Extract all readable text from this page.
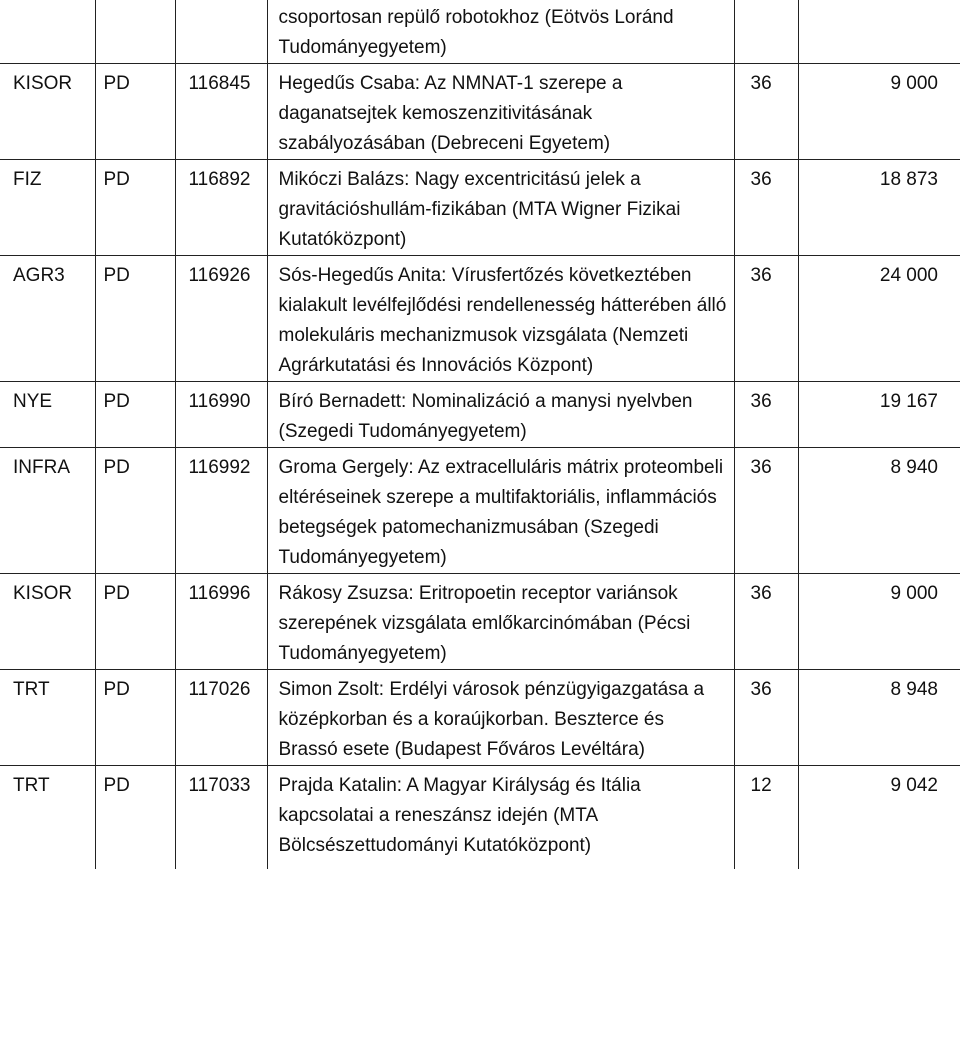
			csoportosan repülő robotokhoz (Eötvös Loránd Tudományegyetem)		
KISOR	PD	116845	Hegedűs Csaba: Az NMNAT-1 szerepe a daganatsejtek kemoszenzitivitásának szabályozásában (Debreceni Egyetem)	36	9 000
FIZ	PD	116892	Mikóczi Balázs: Nagy excentricitású jelek a gravitációshullám-fizikában (MTA Wigner Fizikai Kutatóközpont)	36	18 873
AGR3	PD	116926	Sós-Hegedűs Anita: Vírusfertőzés következtében kialakult levélfejlődési rendellenesség hátterében álló molekuláris mechanizmusok vizsgálata (Nemzeti Agrárkutatási és Innovációs Központ)	36	24 000
NYE	PD	116990	Bíró Bernadett: Nominalizáció a manysi nyelvben (Szegedi Tudományegyetem)	36	19 167
INFRA	PD	116992	Groma Gergely: Az extracelluláris mátrix proteombeli eltéréseinek szerepe a multifaktoriális, inflammációs betegségek patomechanizmusában (Szegedi Tudományegyetem)	36	8 940
KISOR	PD	116996	Rákosy Zsuzsa: Eritropoetin receptor variánsok szerepének vizsgálata emlőkarcinómában (Pécsi Tudományegyetem)	36	9 000
TRT	PD	117026	Simon Zsolt: Erdélyi városok pénzügyigazgatása a középkorban és a koraújkorban. Beszterce és Brassó esete (Budapest Főváros Levéltára)	36	8 948
TRT	PD	117033	Prajda Katalin: A Magyar Királyság és Itália kapcsolatai a reneszánsz idején (MTA Bölcsészettudományi Kutatóközpont)	12	9 042
